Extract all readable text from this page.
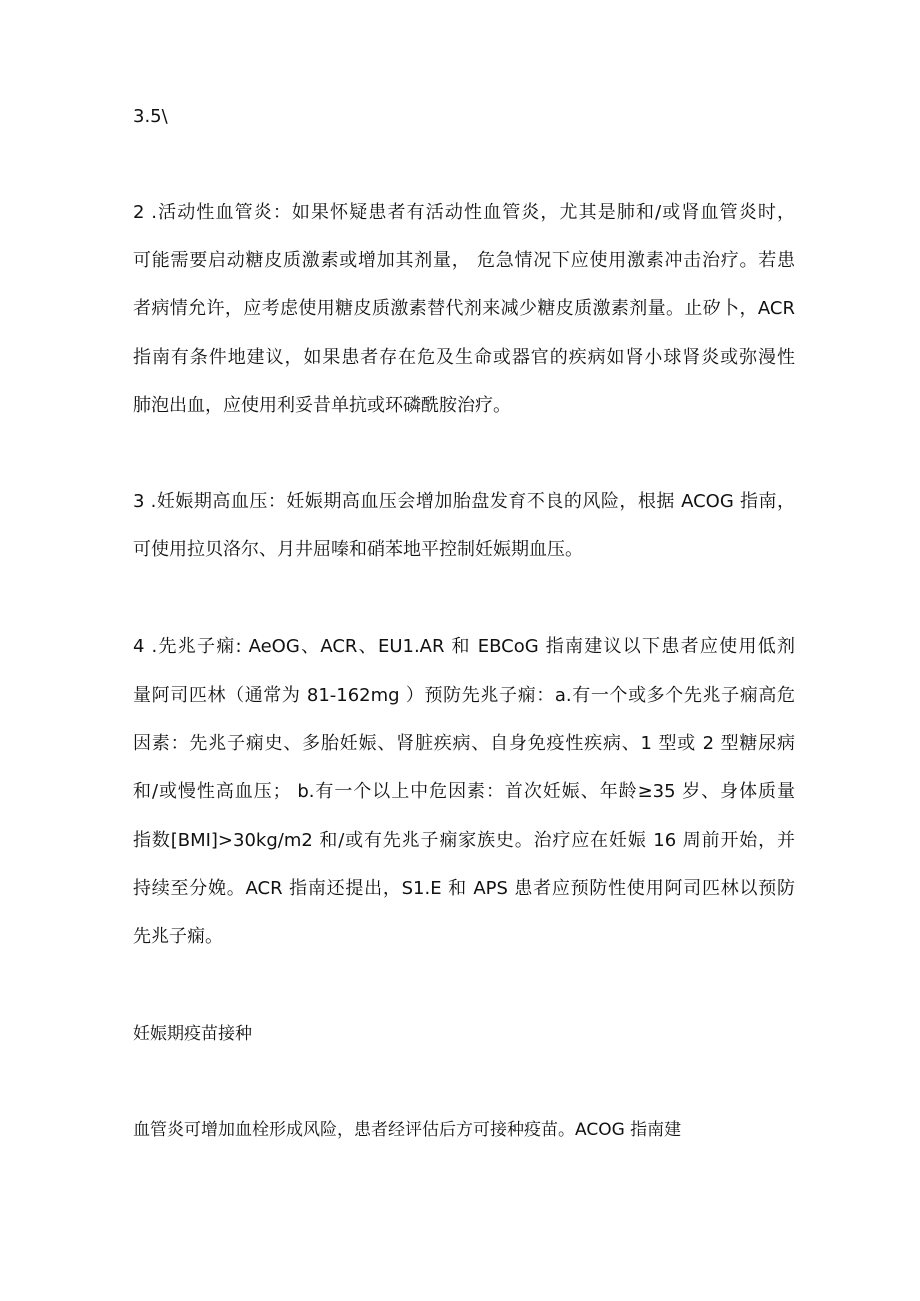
3.5\

2 .活动性血管炎：如果怀疑患者有活动性血管炎，尤其是肺和/或肾血管炎时，

可能需要启动糖皮质激素或增加其剂量， 危急情况下应使用激素冲击治疗。若患

者病情允许，应考虑使用糖皮质激素替代剂来减少糖皮质激素剂量。止矽卜，ACR

指南有条件地建议，如果患者存在危及生命或器官的疾病如肾小球肾炎或弥漫性

肺泡出血，应使用利妥昔单抗或环磷酰胺治疗。

3 .妊娠期高血压：妊娠期高血压会增加胎盘发育不良的风险，根据 ACOG 指南，

可使用拉贝洛尔、月井屈嗪和硝苯地平控制妊娠期血压。

4 .先兆子痫: AeOG、ACR、EU1.AR 和 EBCoG 指南建议以下患者应使用低剂

量阿司匹林（通常为 81-162mg ）预防先兆子痫：a.有一个或多个先兆子痫高危

因素：先兆子痫史、多胎妊娠、肾脏疾病、自身免疫性疾病、1 型或 2 型糖尿病

和/或慢性高血压； b.有一个以上中危因素：首次妊娠、年龄≥35 岁、身体质量

指数[BMI]>30kg/m2 和/或有先兆子痫家族史。治疗应在妊娠 16 周前开始，并

持续至分娩。ACR 指南还提出，S1.E 和 APS 患者应预防性使用阿司匹林以预防

先兆子痫。

妊娠期疫苗接种

血管炎可增加血栓形成风险，患者经评估后方可接种疫苗。ACOG 指南建
